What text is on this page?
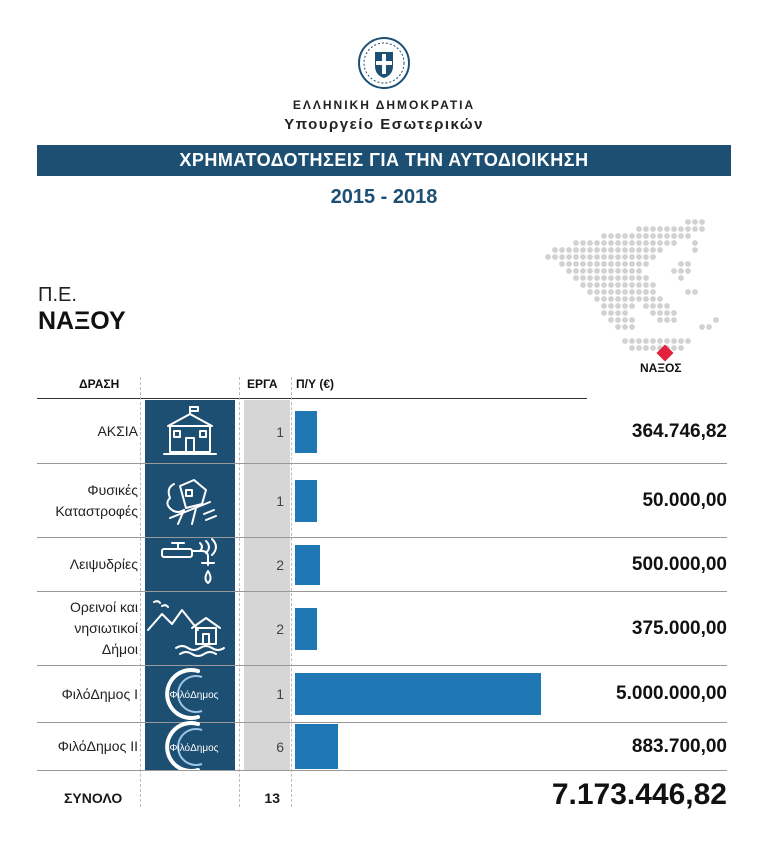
ΕΛΛΗΝΙΚΗ ΔΗΜΟΚΡΑΤΙΑ
Υπουργείο Εσωτερικών
ΧΡΗΜΑΤΟΔΟΤΗΣΕΙΣ ΓΙΑ ΤΗΝ ΑΥΤΟΔΙΟΙΚΗΣΗ
2015 - 2018
Π.Ε.
ΝΑΞΟΥ
ΝΑΞΟΣ
ΔΡΑΣΗ	ΕΡΓΑ Π/Υ (€)
ΑΚΣΙΑ	1	364.746,82
Φυσικές
Καταστροφές
1	50.000,00
Λειψυδρίες	2	500.000,00
Ορεινοί και
νησιωτικοί
Δήμοι
2	375.000,00
ΦιλόΔημος Ι	ΦιλόΔημος	1	5.000.000,00
ΦιλόΔημος ΙΙ	ΦιλόΔημος	6	883.700,00
ΣΥΝΟΛΟ	13	7.173.446,82
